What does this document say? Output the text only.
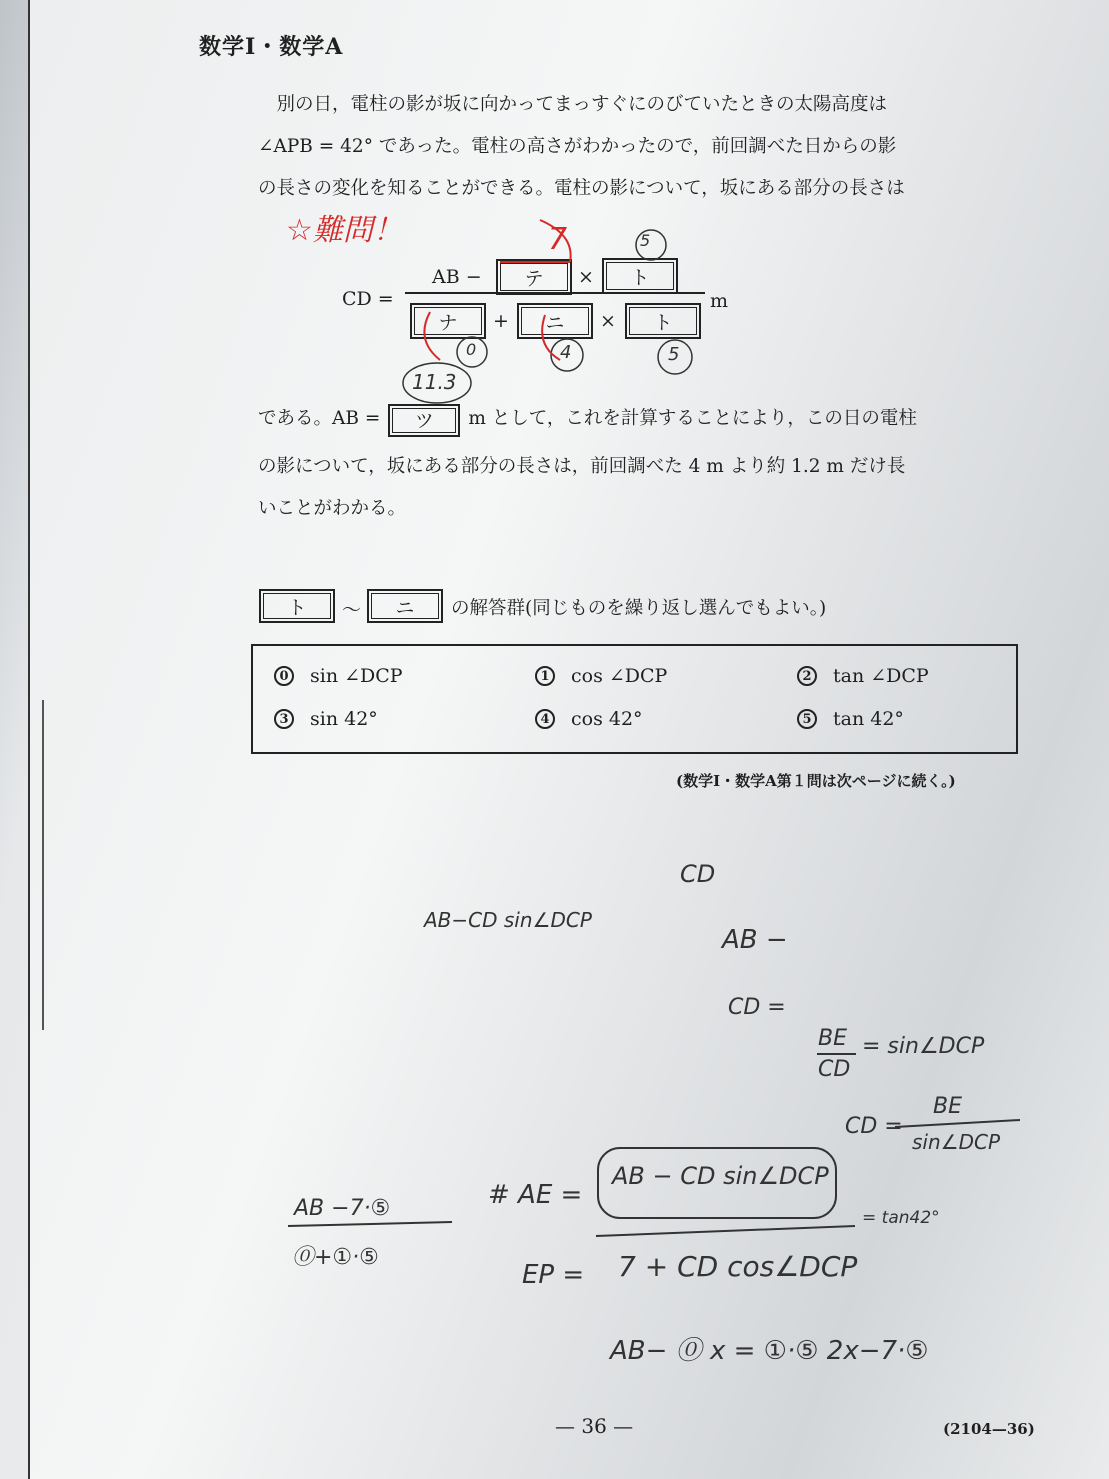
数学Ⅰ・数学A
　別の日，電柱の影が坂に向かってまっすぐにのびていたときの太陽高度は
∠APB = 42° であった。電柱の高さがわかったので，前回調べた日からの影
の長さの変化を知ることができる。電柱の影について，坂にある部分の長さは
CD =
AB −	テ	×	ト
m
ナ	+	ニ	×	ト
である。AB =	ツ	m として，これを計算することにより，この日の電柱
の影について，坂にある部分の長さは，前回調べた 4 m より約 1.2 m だけ長
いことがわかる。
ト	〜	ニ	の解答群(同じものを繰り返し選んでもよい。)
0 sin ∠DCP	1 cos ∠DCP	2 tan ∠DCP
3 sin 42°	4 cos 42°	5 tan 42°
(数学Ⅰ・数学A第１問は次ページに続く。)
— 36 —	(2104—36)
☆難問！	7	5
0	4	5
11.3
AB−CD sin∠DCP
CD
AB −
CD =
BE
CD
= sin∠DCP
CD =
BE
sin∠DCP
AB −7·⑤
⓪+①·⑤
# AE =
AB − CD sin∠DCP
= tan42°
EP = 7 + CD cos∠DCP
AB− ⓪ x = ①·⑤ 2x−7·⑤
